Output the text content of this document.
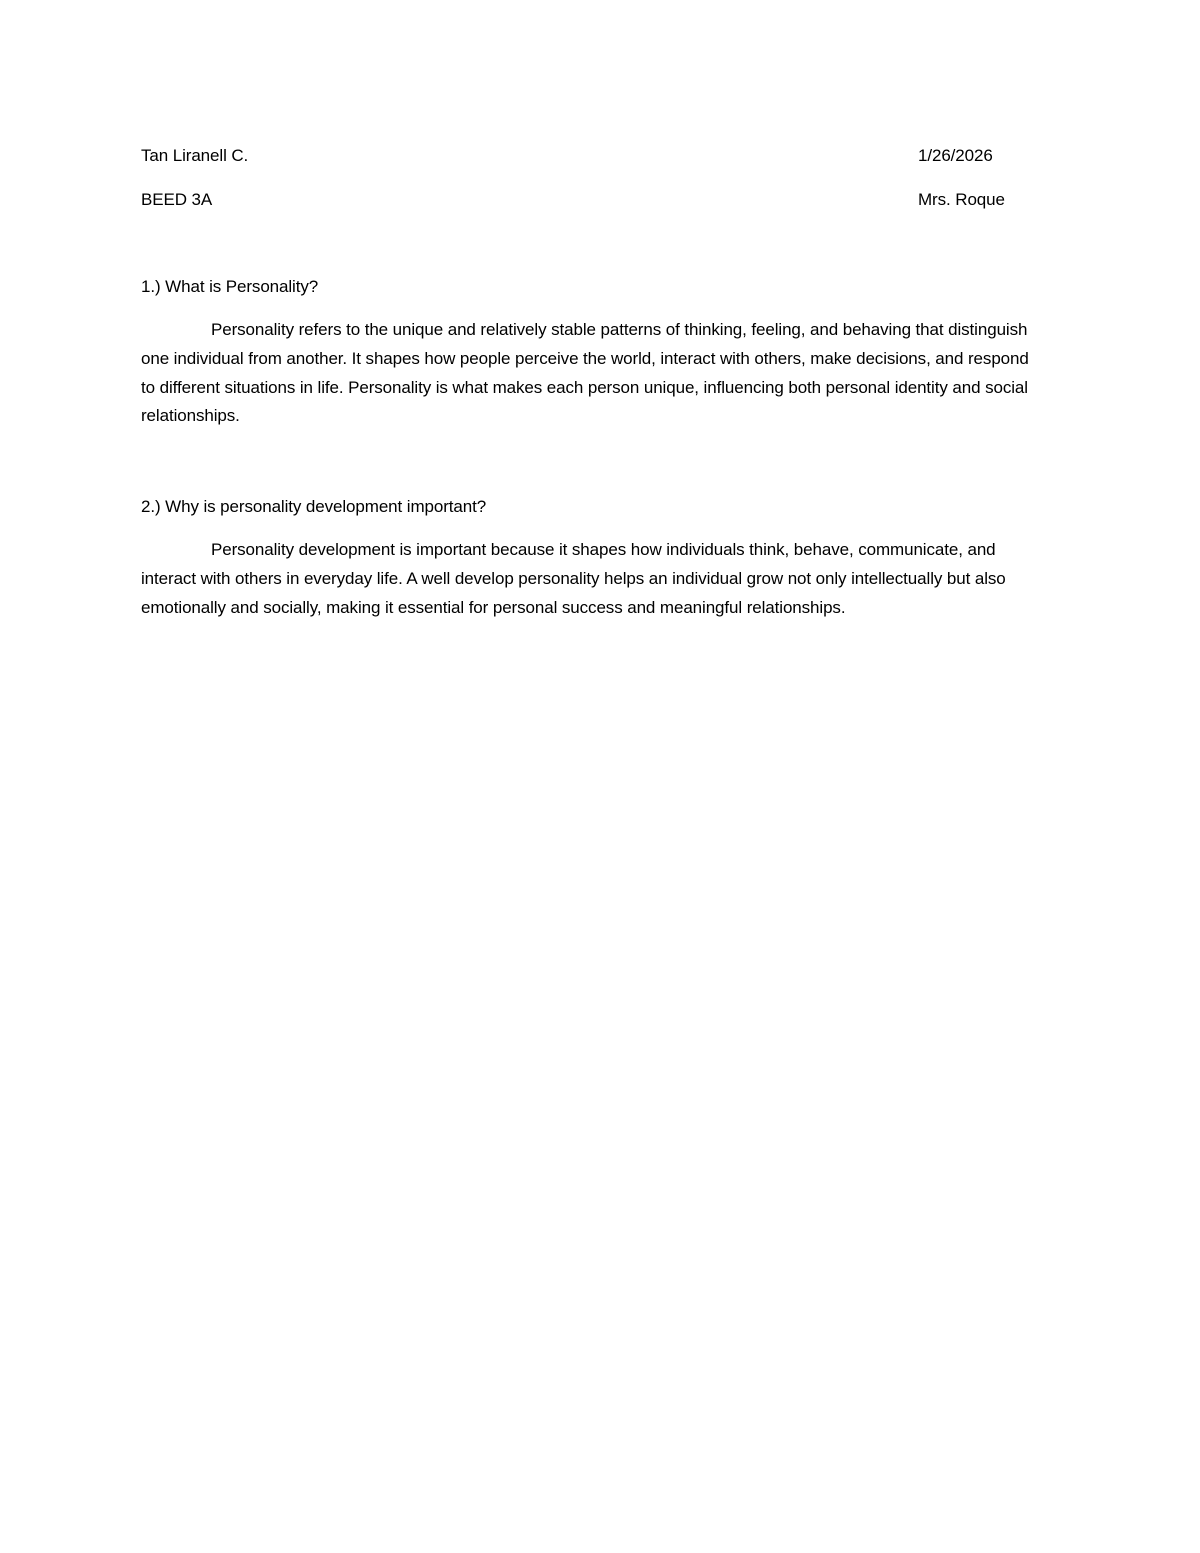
Tan Liranell C.	1/26/2026
BEED 3A	Mrs. Roque

1.) What is Personality?

Personality refers to the unique and relatively stable patterns of thinking, feeling, and behaving that distinguish one individual from another. It shapes how people perceive the world, interact with others, make decisions, and respond to different situations in life. Personality is what makes each person unique, influencing both personal identity and social relationships.

2.) Why is personality development important?

Personality development is important because it shapes how individuals think, behave, communicate, and interact with others in everyday life. A well develop personality helps an individual grow not only intellectually but also emotionally and socially, making it essential for personal success and meaningful relationships.
